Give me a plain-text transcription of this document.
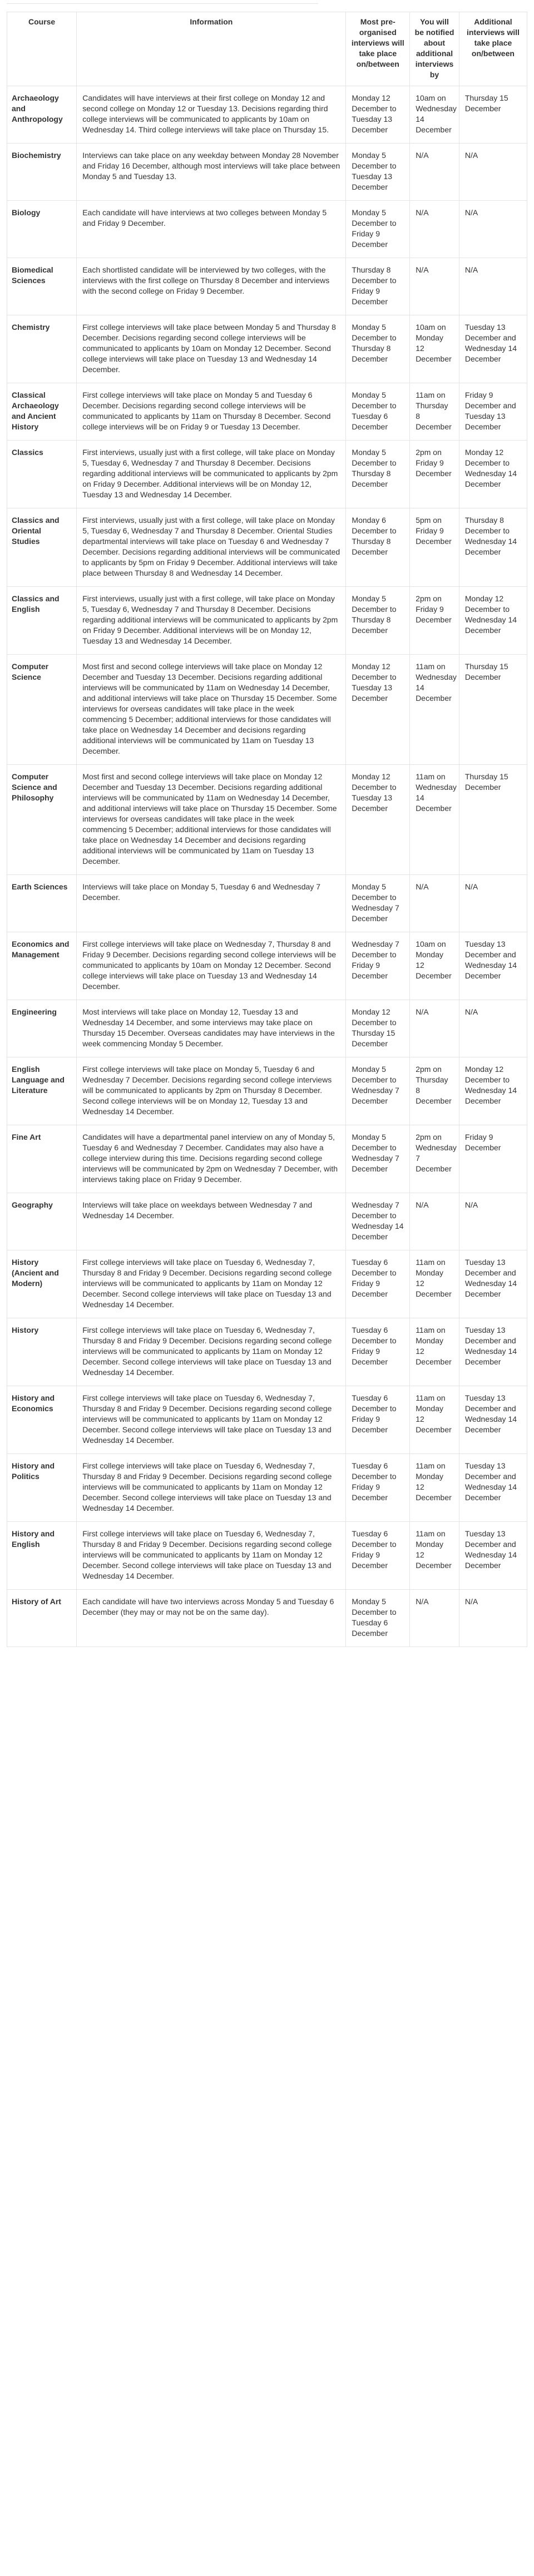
Course	Information	Most pre-organised interviews will take place on/between	You will be notified about additional interviews by	Additional interviews will take place on/between
Archaeology and Anthropology	Candidates will have interviews at their first college on Monday 12 and second college on Monday 12 or Tuesday 13. Decisions regarding third college interviews will be communicated to applicants by 10am on Wednesday 14. Third college interviews will take place on Thursday 15.	Monday 12 December to Tuesday 13 December	10am on Wednesday 14 December	Thursday 15 December
Biochemistry	Interviews can take place on any weekday between Monday 28 November and Friday 16 December, although most interviews will take place between Monday 5 and Tuesday 13.	Monday 5 December to Tuesday 13 December	N/A	N/A
Biology	Each candidate will have interviews at two colleges between Monday 5 and Friday 9 December.	Monday 5 December to Friday 9 December	N/A	N/A
Biomedical Sciences	Each shortlisted candidate will be interviewed by two colleges, with the interviews with the first college on Thursday 8 December and interviews with the second college on Friday 9 December.	Thursday 8 December to Friday 9 December	N/A	N/A
Chemistry	First college interviews will take place between Monday 5 and Thursday 8 December. Decisions regarding second college interviews will be communicated to applicants by 10am on Monday 12 December. Second college interviews will take place on Tuesday 13 and Wednesday 14 December.	Monday 5 December to Thursday 8 December	10am on Monday 12 December	Tuesday 13 December and Wednesday 14 December
Classical Archaeology and Ancient History	First college interviews will take place on Monday 5 and Tuesday 6 December. Decisions regarding second college interviews will be communicated to applicants by 11am on Thursday 8 December. Second college interviews will be on Friday 9 or Tuesday 13 December.	Monday 5 December to Tuesday 6 December	11am on Thursday 8 December	Friday 9 December and Tuesday 13 December
Classics	First interviews, usually just with a first college, will take place on Monday 5, Tuesday 6, Wednesday 7 and Thursday 8 December. Decisions regarding additional interviews will be communicated to applicants by 2pm on Friday 9 December. Additional interviews will be on Monday 12, Tuesday 13 and Wednesday 14 December.	Monday 5 December to Thursday 8 December	2pm on Friday 9 December	Monday 12 December to Wednesday 14 December
Classics and Oriental Studies	First interviews, usually just with a first college, will take place on Monday 5, Tuesday 6, Wednesday 7 and Thursday 8 December. Oriental Studies departmental interviews will take place on Tuesday 6 and Wednesday 7 December. Decisions regarding additional interviews will be communicated to applicants by 5pm on Friday 9 December. Additional interviews will take place between Thursday 8 and Wednesday 14 December.	Monday 6 December to Thursday 8 December	5pm on Friday 9 December	Thursday 8 December to Wednesday 14 December
Classics and English	First interviews, usually just with a first college, will take place on Monday 5, Tuesday 6, Wednesday 7 and Thursday 8 December. Decisions regarding additional interviews will be communicated to applicants by 2pm on Friday 9 December. Additional interviews will be on Monday 12, Tuesday 13 and Wednesday 14 December.	Monday 5 December to Thursday 8 December	2pm on Friday 9 December	Monday 12 December to Wednesday 14 December
Computer Science	Most first and second college interviews will take place on Monday 12 December and Tuesday 13 December. Decisions regarding additional interviews will be communicated by 11am on Wednesday 14 December, and additional interviews will take place on Thursday 15 December. Some interviews for overseas candidates will take place in the week commencing 5 December; additional interviews for those candidates will take place on Wednesday 14 December and decisions regarding additional interviews will be communicated by 11am on Tuesday 13 December.	Monday 12 December to Tuesday 13 December	11am on Wednesday 14 December	Thursday 15 December
Computer Science and Philosophy	Most first and second college interviews will take place on Monday 12 December and Tuesday 13 December. Decisions regarding additional interviews will be communicated by 11am on Wednesday 14 December, and additional interviews will take place on Thursday 15 December. Some interviews for overseas candidates will take place in the week commencing 5 December; additional interviews for those candidates will take place on Wednesday 14 December and decisions regarding additional interviews will be communicated by 11am on Tuesday 13 December.	Monday 12 December to Tuesday 13 December	11am on Wednesday 14 December	Thursday 15 December
Earth Sciences	Interviews will take place on Monday 5, Tuesday 6 and Wednesday 7 December.	Monday 5 December to Wednesday 7 December	N/A	N/A
Economics and Management	First college interviews will take place on Wednesday 7, Thursday 8 and Friday 9 December. Decisions regarding second college interviews will be communicated to applicants by 10am on Monday 12 December. Second college interviews will take place on Tuesday 13 and Wednesday 14 December.	Wednesday 7 December to Friday 9 December	10am on Monday 12 December	Tuesday 13 December and Wednesday 14 December
Engineering	Most interviews will take place on Monday 12, Tuesday 13 and Wednesday 14 December, and some interviews may take place on Thursday 15 December. Overseas candidates may have interviews in the week commencing Monday 5 December.	Monday 12 December to Thursday 15 December	N/A	N/A
English Language and Literature	First college interviews will take place on Monday 5, Tuesday 6 and Wednesday 7 December. Decisions regarding second college interviews will be communicated to applicants by 2pm on Thursday 8 December. Second college interviews will be on Monday 12, Tuesday 13 and Wednesday 14 December.	Monday 5 December to Wednesday 7 December	2pm on Thursday 8 December	Monday 12 December to Wednesday 14 December
Fine Art	Candidates will have a departmental panel interview on any of Monday 5, Tuesday 6 and Wednesday 7 December. Candidates may also have a college interview during this time. Decisions regarding second college interviews will be communicated by 2pm on Wednesday 7 December, with interviews taking place on Friday 9 December.	Monday 5 December to Wednesday 7 December	2pm on Wednesday 7 December	Friday 9 December
Geography	Interviews will take place on weekdays between Wednesday 7 and Wednesday 14 December.	Wednesday 7 December to Wednesday 14 December	N/A	N/A
History (Ancient and Modern)	First college interviews will take place on Tuesday 6, Wednesday 7, Thursday 8 and Friday 9 December. Decisions regarding second college interviews will be communicated to applicants by 11am on Monday 12 December. Second college interviews will take place on Tuesday 13 and Wednesday 14 December.	Tuesday 6 December to Friday 9 December	11am on Monday 12 December	Tuesday 13 December and Wednesday 14 December
History	First college interviews will take place on Tuesday 6, Wednesday 7, Thursday 8 and Friday 9 December. Decisions regarding second college interviews will be communicated to applicants by 11am on Monday 12 December. Second college interviews will take place on Tuesday 13 and Wednesday 14 December.	Tuesday 6 December to Friday 9 December	11am on Monday 12 December	Tuesday 13 December and Wednesday 14 December
History and Economics	First college interviews will take place on Tuesday 6, Wednesday 7, Thursday 8 and Friday 9 December. Decisions regarding second college interviews will be communicated to applicants by 11am on Monday 12 December. Second college interviews will take place on Tuesday 13 and Wednesday 14 December.	Tuesday 6 December to Friday 9 December	11am on Monday 12 December	Tuesday 13 December and Wednesday 14 December
History and Politics	First college interviews will take place on Tuesday 6, Wednesday 7, Thursday 8 and Friday 9 December. Decisions regarding second college interviews will be communicated to applicants by 11am on Monday 12 December. Second college interviews will take place on Tuesday 13 and Wednesday 14 December.	Tuesday 6 December to Friday 9 December	11am on Monday 12 December	Tuesday 13 December and Wednesday 14 December
History and English	First college interviews will take place on Tuesday 6, Wednesday 7, Thursday 8 and Friday 9 December. Decisions regarding second college interviews will be communicated to applicants by 11am on Monday 12 December. Second college interviews will take place on Tuesday 13 and Wednesday 14 December.	Tuesday 6 December to Friday 9 December	11am on Monday 12 December	Tuesday 13 December and Wednesday 14 December
History of Art	Each candidate will have two interviews across Monday 5 and Tuesday 6 December (they may or may not be on the same day).	Monday 5 December to Tuesday 6 December	N/A	N/A
